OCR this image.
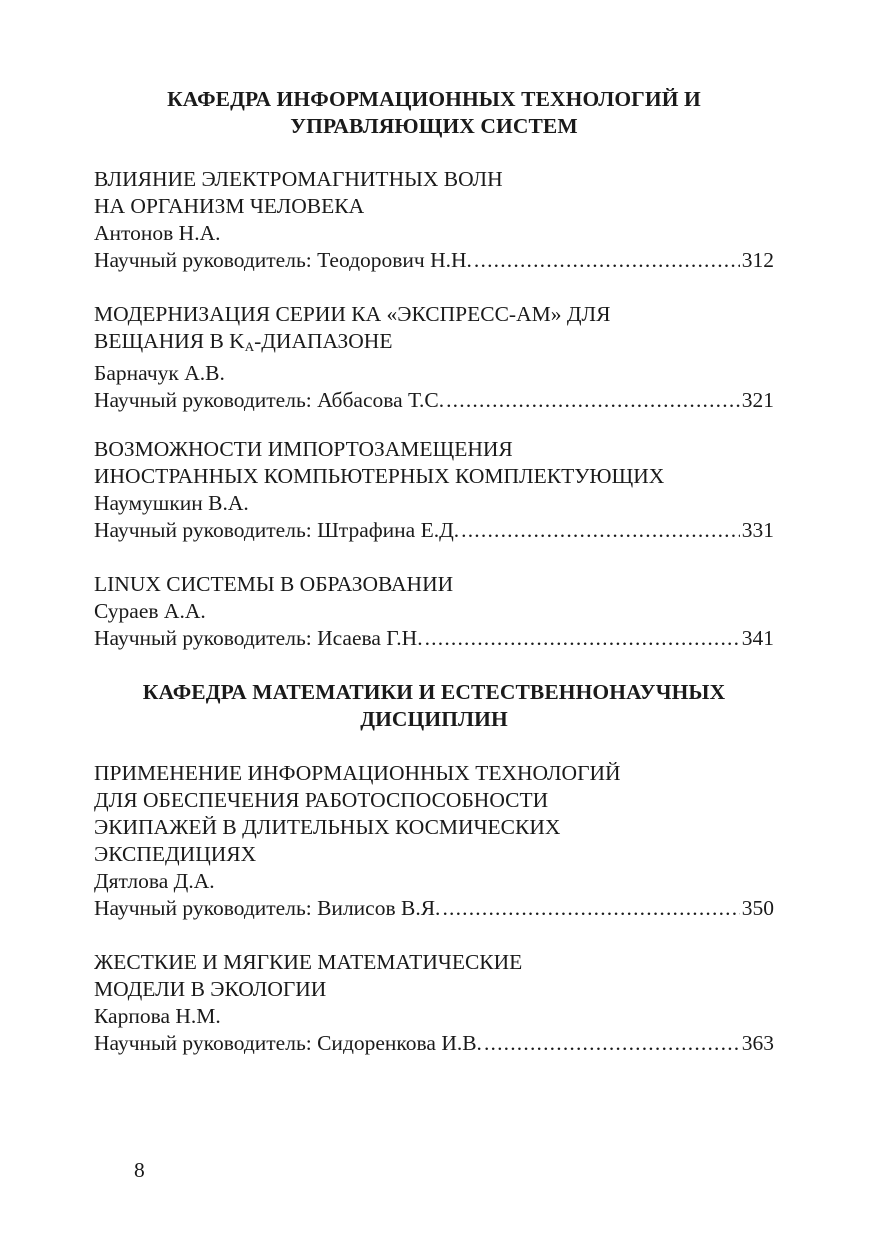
КАФЕДРА ИНФОРМАЦИОННЫХ ТЕХНОЛОГИЙ И
УПРАВЛЯЮЩИХ СИСТЕМ
ВЛИЯНИЕ ЭЛЕКТРОМАГНИТНЫХ ВОЛН
НА ОРГАНИЗМ ЧЕЛОВЕКА
Антонов Н.А.
Научный руководитель: Теодорович Н.Н. .....	312
МОДЕРНИЗАЦИЯ СЕРИИ КА «ЭКСПРЕСС-АМ» ДЛЯ
ВЕЩАНИЯ В $K_A$-ДИАПАЗОНЕ
Барначук А.В.
Научный руководитель: Аббасова Т.С. .....	321
ВОЗМОЖНОСТИ ИМПОРТОЗАМЕЩЕНИЯ
ИНОСТРАННЫХ КОМПЬЮТЕРНЫХ КОМПЛЕКТУЮЩИХ
Наумушкин В.А.
Научный руководитель: Штрафина Е.Д. .....	331
LINUX СИСТЕМЫ В ОБРАЗОВАНИИ
Сураев А.А.
Научный руководитель: Исаева Г.Н. .....	341
КАФЕДРА МАТЕМАТИКИ И ЕСТЕСТВЕННОНАУЧНЫХ
ДИСЦИПЛИН
ПРИМЕНЕНИЕ ИНФОРМАЦИОННЫХ ТЕХНОЛОГИЙ
ДЛЯ ОБЕСПЕЧЕНИЯ РАБОТОСПОСОБНОСТИ
ЭКИПАЖЕЙ В ДЛИТЕЛЬНЫХ КОСМИЧЕСКИХ
ЭКСПЕДИЦИЯХ
Дятлова Д.А.
Научный руководитель: Вилисов В.Я. .....	350
ЖЕСТКИЕ И МЯГКИЕ МАТЕМАТИЧЕСКИЕ
МОДЕЛИ В ЭКОЛОГИИ
Карпова Н.М.
Научный руководитель: Сидоренкова И.В. .....	363
8
